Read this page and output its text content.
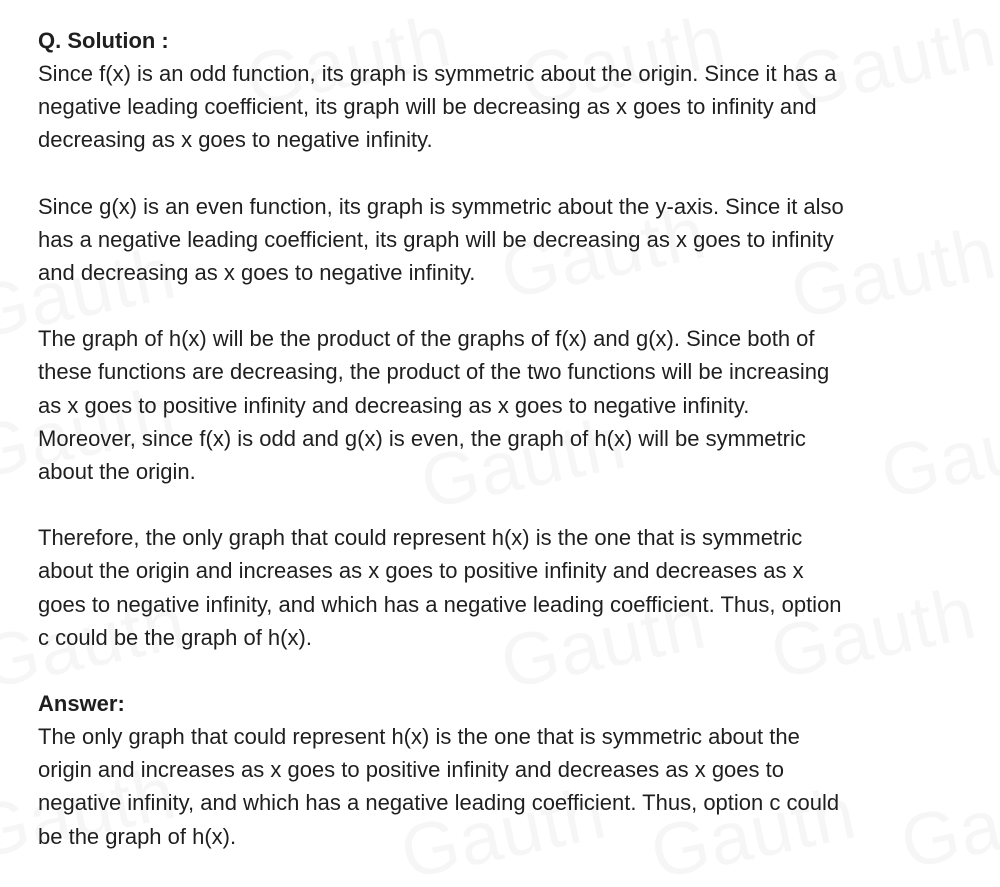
Q. Solution :

Since f(x) is an odd function, its graph is symmetric about the origin. Since it has a
negative leading coefficient, its graph will be decreasing as x goes to infinity and
decreasing as x goes to negative infinity.

Since g(x) is an even function, its graph is symmetric about the y-axis. Since it also
has a negative leading coefficient, its graph will be decreasing as x goes to infinity
and decreasing as x goes to negative infinity.

The graph of h(x) will be the product of the graphs of f(x) and g(x). Since both of
these functions are decreasing, the product of the two functions will be increasing
as x goes to positive infinity and decreasing as x goes to negative infinity.
Moreover, since f(x) is odd and g(x) is even, the graph of h(x) will be symmetric
about the origin.

Therefore, the only graph that could represent h(x) is the one that is symmetric
about the origin and increases as x goes to positive infinity and decreases as x
goes to negative infinity, and which has a negative leading coefficient. Thus, option
c could be the graph of h(x).

Answer:

The only graph that could represent h(x) is the one that is symmetric about the
origin and increases as x goes to positive infinity and decreases as x goes to
negative infinity, and which has a negative leading coefficient. Thus, option c could
be the graph of h(x).
